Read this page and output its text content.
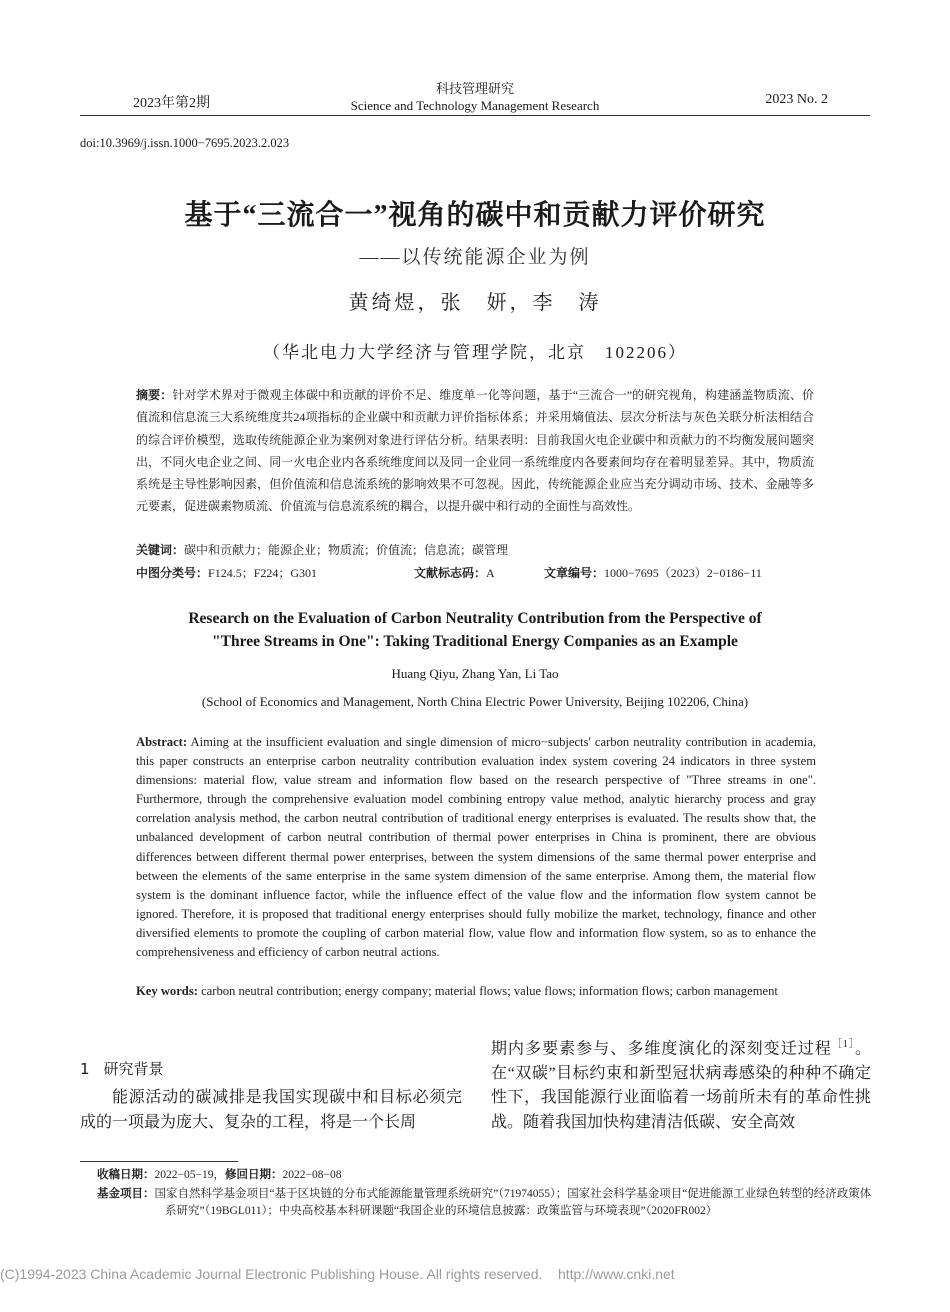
2023年第2期
科技管理研究
Science and Technology Management Research	2023 No. 2
doi:10.3969/j.issn.1000−7695.2023.2.023
基于“三流合一”视角的碳中和贡献力评价研究
——以传统能源企业为例
黄绮煜，张　妍，李　涛
（华北电力大学经济与管理学院，北京　102206）
摘要：针对学术界对于微观主体碳中和贡献的评价不足、维度单一化等问题，基于“三流合一”的研究视角，构建涵盖物质流、价值流和信息流三大系统维度共24项指标的企业碳中和贡献力评价指标体系；并采用熵值法、层次分析法与灰色关联分析法相结合的综合评价模型，选取传统能源企业为案例对象进行评估分析。结果表明：目前我国火电企业碳中和贡献力的不均衡发展问题突出，不同火电企业之间、同一火电企业内各系统维度间以及同一企业同一系统维度内各要素间均存在着明显差异。其中，物质流系统是主导性影响因素，但价值流和信息流系统的影响效果不可忽视。因此，传统能源企业应当充分调动市场、技术、金融等多元要素，促进碳素物质流、价值流与信息流系统的耦合，以提升碳中和行动的全面性与高效性。
关键词：碳中和贡献力；能源企业；物质流；价值流；信息流；碳管理
中图分类号：F124.5；F224；G301	文献标志码：A	文章编号：1000−7695（2023）2−0186−11
Research on the Evaluation of Carbon Neutrality Contribution from the Perspective of
"Three Streams in One": Taking Traditional Energy Companies as an Example
Huang Qiyu, Zhang Yan, Li Tao
(School of Economics and Management, North China Electric Power University, Beijing 102206, China)
Abstract: Aiming at the insufficient evaluation and single dimension of micro−subjects' carbon neutrality contribution in academia, this paper constructs an enterprise carbon neutrality contribution evaluation index system covering 24 indicators in three system dimensions: material flow, value stream and information flow based on the research perspective of "Three streams in one". Furthermore, through the comprehensive evaluation model combining entropy value method, analytic hierarchy process and gray correlation analysis method, the carbon neutral contribution of traditional energy enterprises is evaluated. The results show that, the unbalanced development of carbon neutral contribution of thermal power enterprises in China is prominent, there are obvious differences between different thermal power enterprises, between the system dimensions of the same thermal power enterprise and between the elements of the same enterprise in the same system dimension of the same enterprise. Among them, the material flow system is the dominant influence factor, while the influence effect of the value flow and the information flow system cannot be ignored. Therefore, it is proposed that traditional energy enterprises should fully mobilize the market, technology, finance and other diversified elements to promote the coupling of carbon material flow, value flow and information flow system, so as to enhance the comprehensiveness and efficiency of carbon neutral actions.
Key words: carbon neutral contribution; energy company; material flows; value flows; information flows; carbon management
1 研究背景
能源活动的碳减排是我国实现碳中和目标必须完成的一项最为庞大、复杂的工程，将是一个长周
期内多要素参与、多维度演化的深刻变迁过程$^{[1]}$。在“双碳”目标约束和新型冠状病毒感染的种种不确定性下，我国能源行业面临着一场前所未有的革命性挑战。随着我国加快构建清洁低碳、安全高效
收稿日期：2022−05−19，修回日期：2022−08−08
基金项目：国家自然科学基金项目“基于区块链的分布式能源能量管理系统研究”（71974055）；国家社会科学基金项目“促进能源工业绿色转型的经济政策体系研究”（19BGL011）；中央高校基本科研课题“我国企业的环境信息披露：政策监管与环境表现”（2020FR002）
(C)1994-2023 China Academic Journal Electronic Publishing House. All rights reserved.    http://www.cnki.net
